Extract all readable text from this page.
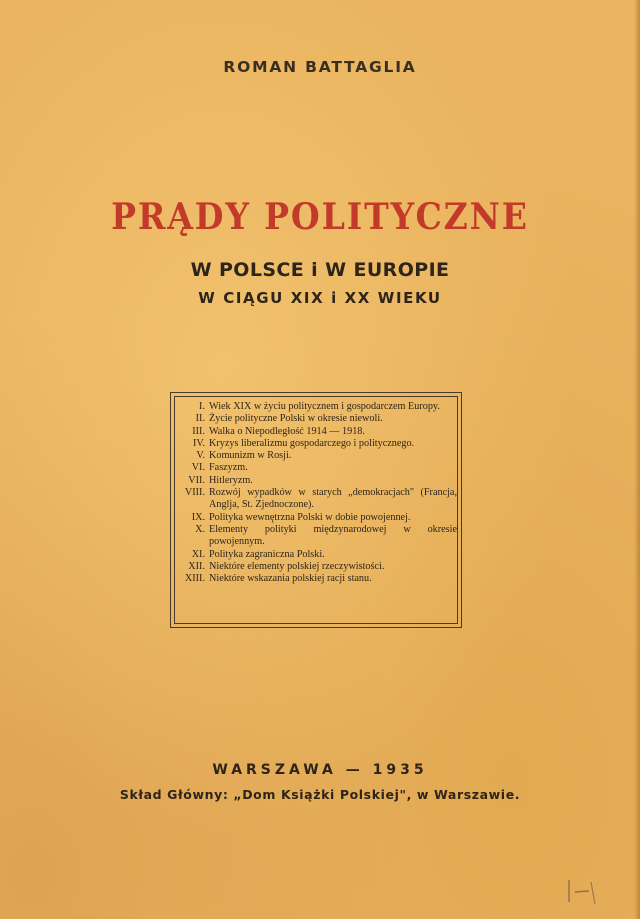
ROMAN BATTAGLIA
PRĄDY POLITYCZNE
W POLSCE i W EUROPIE
W CIĄGU XIX i XX WIEKU
I. Wiek XIX w życiu politycznem i gospodarczem Europy.
II. Życie polityczne Polski w okresie niewoli.
III. Walka o Niepodległość 1914 — 1918.
IV. Kryzys liberalizmu gospodarczego i politycznego.
V. Komunizm w Rosji.
VI. Faszyzm.
VII. Hitleryzm.
VIII. Rozwój wypadków w starych „demokracjach" (Francja, Anglja, St. Zjednoczone).
IX. Polityka wewnętrzna Polski w dobie powojennej.
X. Elementy polityki międzynarodowej w okresie powojennym.
XI. Polityka zagraniczna Polski.
XII. Niektóre elementy polskiej rzeczywistości.
XIII. Niektóre wskazania polskiej racji stanu.
WARSZAWA — 1935
Skład Główny: „Dom Książki Polskiej", w Warszawie.
